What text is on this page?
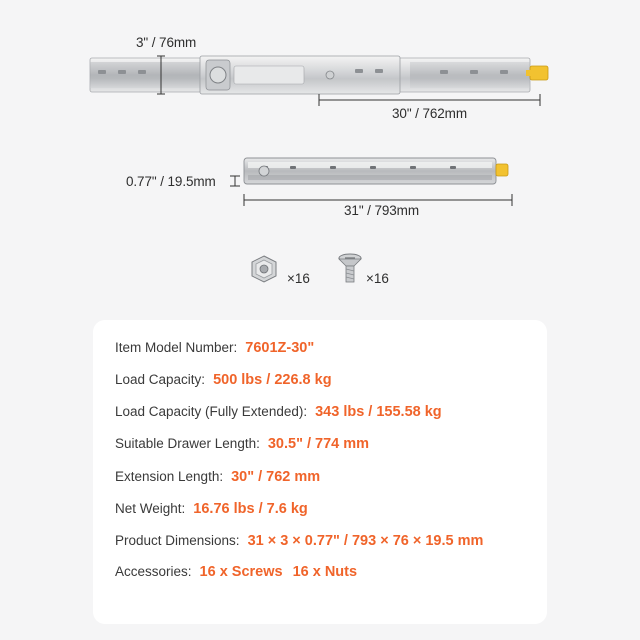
3" / 76mm
30" / 762mm
0.77" / 19.5mm
31" / 793mm
×16	×16
Item Model Number: 7601Z-30"
Load Capacity: 500 lbs / 226.8 kg
Load Capacity (Fully Extended): 343 lbs / 155.58 kg
Suitable Drawer Length: 30.5" / 774 mm
Extension Length: 30" / 762 mm
Net Weight: 16.76 lbs / 7.6 kg
Product Dimensions: 31 × 3 × 0.77" / 793 × 76 × 19.5 mm
Accessories: 16 x Screws 16 x Nuts
